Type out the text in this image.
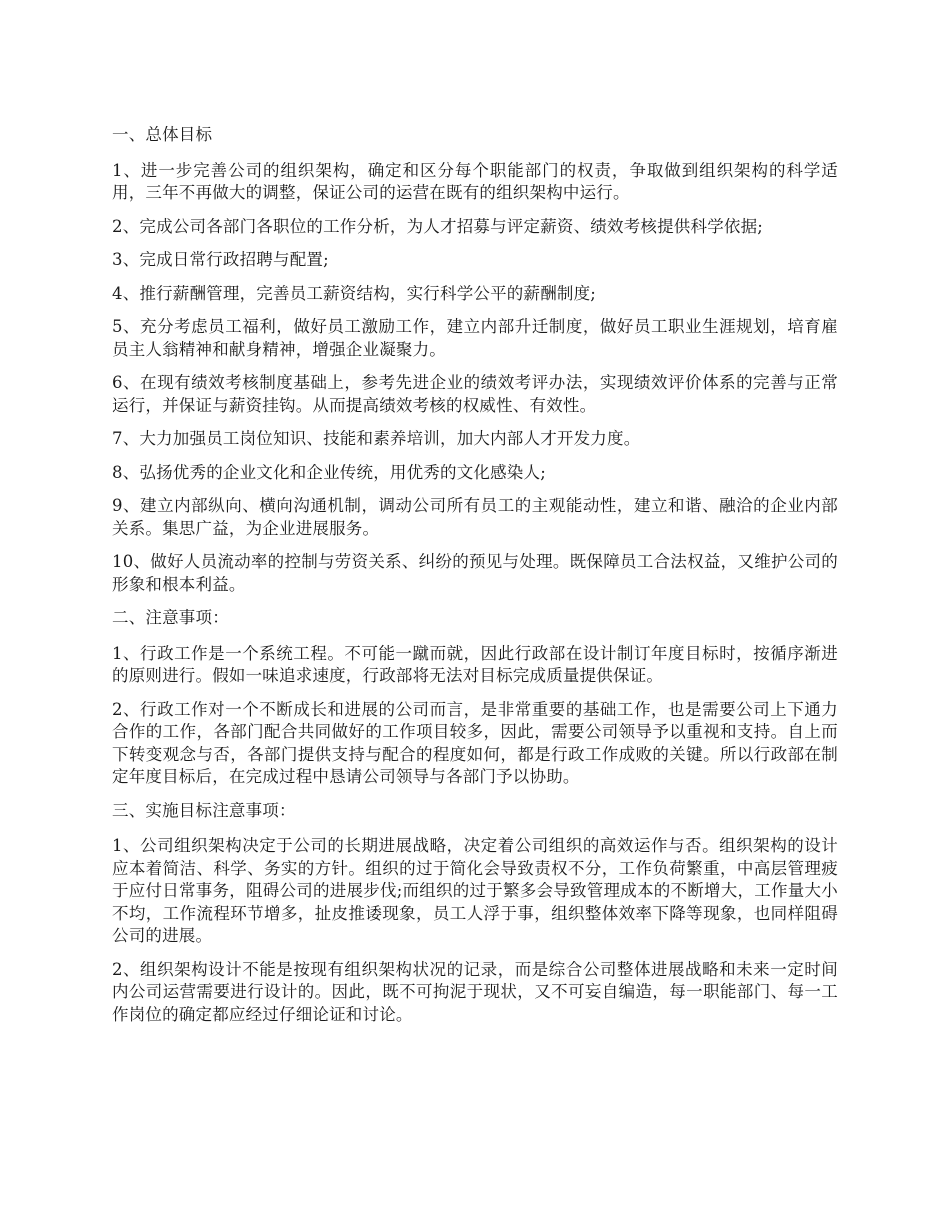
一、总体目标

1、进一步完善公司的组织架构，确定和区分每个职能部门的权责，争取做到组织架构的科学适用，三年不再做大的调整，保证公司的运营在既有的组织架构中运行。

2、完成公司各部门各职位的工作分析，为人才招募与评定薪资、绩效考核提供科学依据;

3、完成日常行政招聘与配置;

4、推行薪酬管理，完善员工薪资结构，实行科学公平的薪酬制度;

5、充分考虑员工福利，做好员工激励工作，建立内部升迁制度，做好员工职业生涯规划，培育雇员主人翁精神和献身精神，增强企业凝聚力。

6、在现有绩效考核制度基础上，参考先进企业的绩效考评办法，实现绩效评价体系的完善与正常运行，并保证与薪资挂钩。从而提高绩效考核的权威性、有效性。

7、大力加强员工岗位知识、技能和素养培训，加大内部人才开发力度。

8、弘扬优秀的企业文化和企业传统，用优秀的文化感染人;

9、建立内部纵向、横向沟通机制，调动公司所有员工的主观能动性，建立和谐、融洽的企业内部关系。集思广益，为企业进展服务。

10、做好人员流动率的控制与劳资关系、纠纷的预见与处理。既保障员工合法权益，又维护公司的形象和根本利益。

二、注意事项：

1、行政工作是一个系统工程。不可能一蹴而就，因此行政部在设计制订年度目标时，按循序渐进的原则进行。假如一味追求速度，行政部将无法对目标完成质量提供保证。

2、行政工作对一个不断成长和进展的公司而言，是非常重要的基础工作，也是需要公司上下通力合作的工作，各部门配合共同做好的工作项目较多，因此，需要公司领导予以重视和支持。自上而下转变观念与否，各部门提供支持与配合的程度如何，都是行政工作成败的关键。所以行政部在制定年度目标后，在完成过程中恳请公司领导与各部门予以协助。

三、实施目标注意事项：

1、公司组织架构决定于公司的长期进展战略，决定着公司组织的高效运作与否。组织架构的设计应本着简洁、科学、务实的方针。组织的过于简化会导致责权不分，工作负荷繁重，中高层管理疲于应付日常事务，阻碍公司的进展步伐;而组织的过于繁多会导致管理成本的不断增大，工作量大小不均，工作流程环节增多，扯皮推诿现象，员工人浮于事，组织整体效率下降等现象，也同样阻碍公司的进展。

2、组织架构设计不能是按现有组织架构状况的记录，而是综合公司整体进展战略和未来一定时间内公司运营需要进行设计的。因此，既不可拘泥于现状，又不可妄自编造，每一职能部门、每一工作岗位的确定都应经过仔细论证和讨论。
